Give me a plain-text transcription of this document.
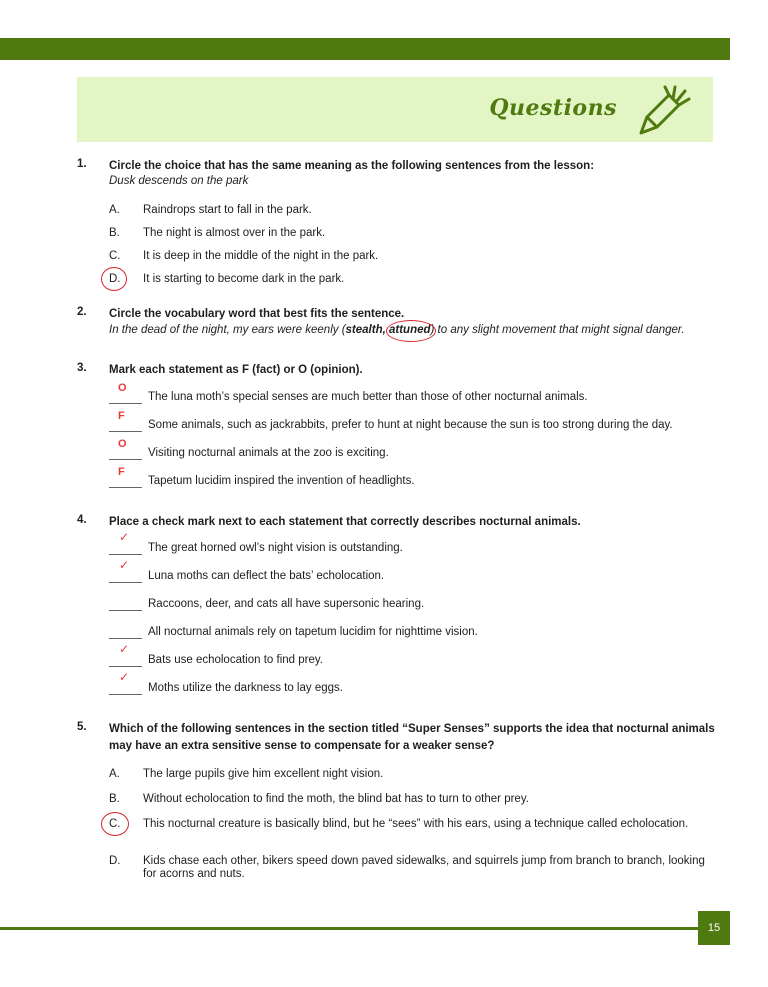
Questions
1. Circle the choice that has the same meaning as the following sentences from the lesson:
Dusk descends on the park
A. Raindrops start to fall in the park.
B. The night is almost over in the park.
C. It is deep in the middle of the night in the park.
D. It is starting to become dark in the park.
2. Circle the vocabulary word that best fits the sentence.
In the dead of the night, my ears were keenly (stealth, attuned) to any slight movement that might signal danger.
3. Mark each statement as F (fact) or O (opinion).
O
The luna moth’s special senses are much better than those of other nocturnal animals.
F
Some animals, such as jackrabbits, prefer to hunt at night because the sun is too strong during the day.
O
Visiting nocturnal animals at the zoo is exciting.
F
Tapetum lucidim inspired the invention of headlights.
4. Place a check mark next to each statement that correctly describes nocturnal animals.
✓
The great horned owl’s night vision is outstanding.
✓
Luna moths can deflect the bats’ echolocation.
Raccoons, deer, and cats all have supersonic hearing.
All nocturnal animals rely on tapetum lucidim for nighttime vision.
✓
Bats use echolocation to find prey.
✓
Moths utilize the darkness to lay eggs.
5. Which of the following sentences in the section titled “Super Senses” supports the idea that nocturnal animals may have an extra sensitive sense to compensate for a weaker sense?
A. The large pupils give him excellent night vision.
B. Without echolocation to find the moth, the blind bat has to turn to other prey.
C. This nocturnal creature is basically blind, but he “sees” with his ears, using a technique called echolocation.
D. Kids chase each other, bikers speed down paved sidewalks, and squirrels jump from branch to branch, looking for acorns and nuts.
15
